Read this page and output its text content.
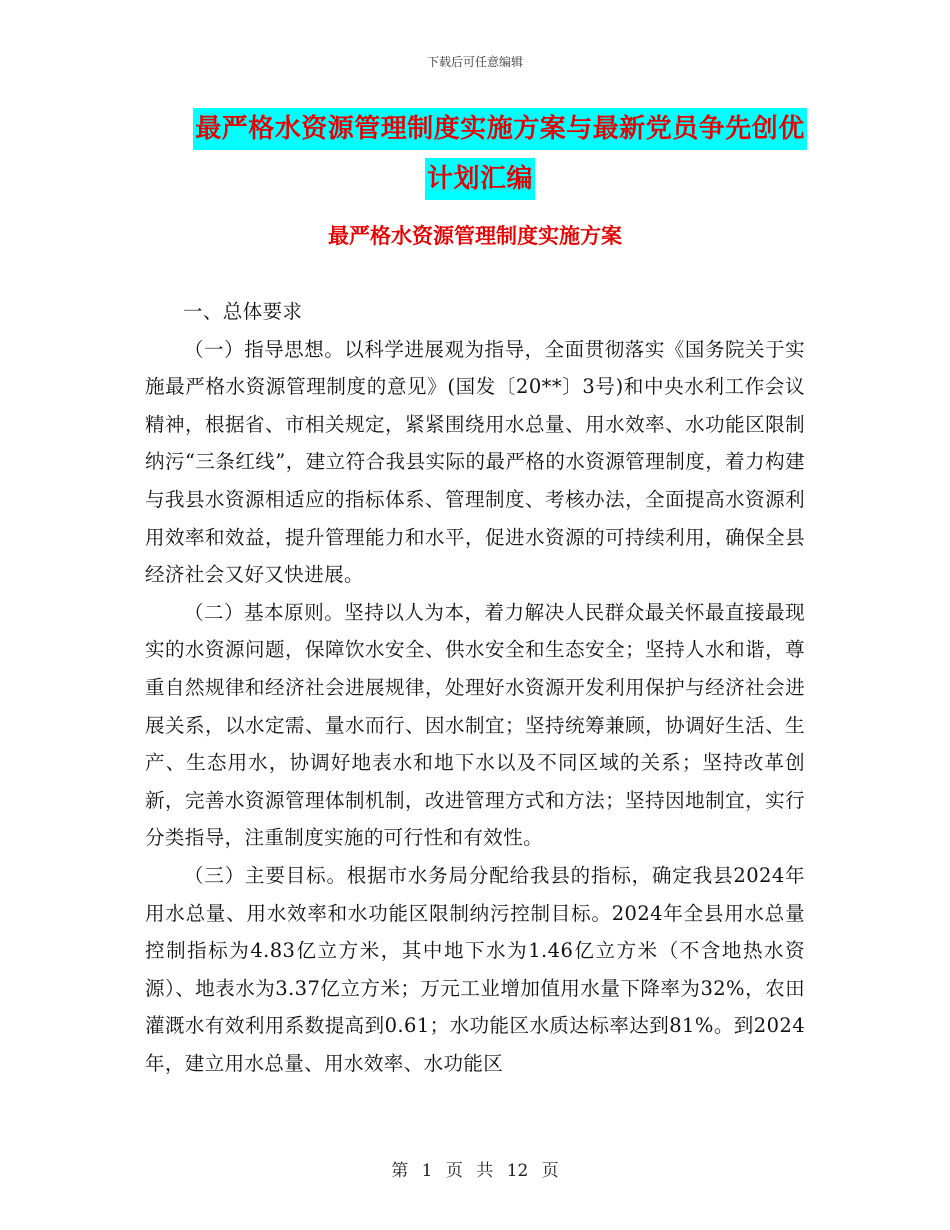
下载后可任意编辑
最严格水资源管理制度实施方案与最新党员争先创优
计划汇编
最严格水资源管理制度实施方案

一、总体要求

（一）指导思想。以科学进展观为指导，全面贯彻落实《国务院关于实施最严格水资源管理制度的意见》(国发〔20**〕3号)和中央水利工作会议精神，根据省、市相关规定，紧紧围绕用水总量、用水效率、水功能区限制纳污“三条红线”，建立符合我县实际的最严格的水资源管理制度，着力构建与我县水资源相适应的指标体系、管理制度、考核办法，全面提高水资源利用效率和效益，提升管理能力和水平，促进水资源的可持续利用，确保全县经济社会又好又快进展。

（二）基本原则。坚持以人为本，着力解决人民群众最关怀最直接最现实的水资源问题，保障饮水安全、供水安全和生态安全；坚持人水和谐，尊重自然规律和经济社会进展规律，处理好水资源开发利用保护与经济社会进展关系，以水定需、量水而行、因水制宜；坚持统筹兼顾，协调好生活、生产、生态用水，协调好地表水和地下水以及不同区域的关系；坚持改革创新，完善水资源管理体制机制，改进管理方式和方法；坚持因地制宜，实行分类指导，注重制度实施的可行性和有效性。

（三）主要目标。根据市水务局分配给我县的指标，确定我县2024年用水总量、用水效率和水功能区限制纳污控制目标。2024年全县用水总量控制指标为4.83亿立方米，其中地下水为1.46亿立方米（不含地热水资源）、地表水为3.37亿立方米；万元工业增加值用水量下降率为32%，农田灌溉水有效利用系数提高到0.61；水功能区水质达标率达到81%。到2024年，建立用水总量、用水效率、水功能区

第 1 页 共 12 页
